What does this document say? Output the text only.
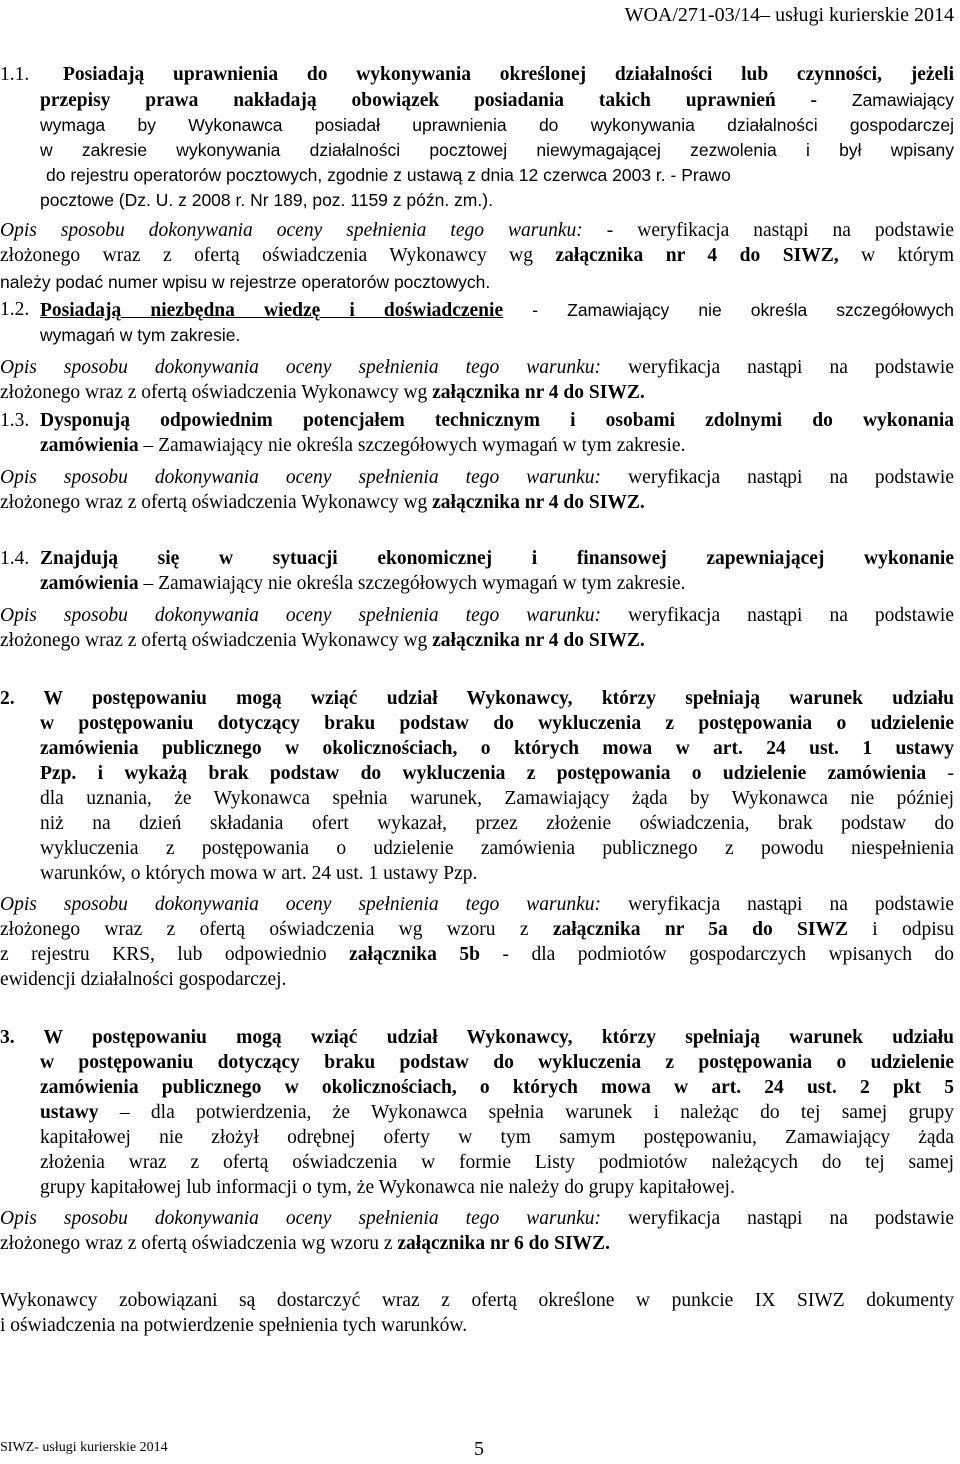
WOA/271-03/14– usługi kurierskie 2014
1.1. Posiadają uprawnienia do wykonywania określonej działalności lub czynności, jeżeli
przepisy prawa nakładają obowiązek posiadania takich uprawnień - Zamawiający
wymaga by Wykonawca posiadał uprawnienia do wykonywania działalności gospodarczej
w zakresie wykonywania działalności pocztowej niewymagającej zezwolenia i był wpisany
do rejestru operatorów pocztowych, zgodnie z ustawą z dnia 12 czerwca 2003 r. - Prawo
pocztowe (Dz. U. z 2008 r. Nr 189, poz. 1159 z późn. zm.).
Opis sposobu dokonywania oceny spełnienia tego warunku: - weryfikacja nastąpi na podstawie
złożonego wraz z ofertą oświadczenia Wykonawcy wg załącznika nr 4 do SIWZ, w którym
należy podać numer wpisu w rejestrze operatorów pocztowych.
1.2. Posiadają niezbędna wiedzę i doświadczenie - Zamawiający nie określa szczegółowych
wymagań w tym zakresie.
Opis sposobu dokonywania oceny spełnienia tego warunku: weryfikacja nastąpi na podstawie
złożonego wraz z ofertą oświadczenia Wykonawcy wg załącznika nr 4 do SIWZ.
1.3. Dysponują odpowiednim potencjałem technicznym i osobami zdolnymi do wykonania
zamówienia – Zamawiający nie określa szczegółowych wymagań w tym zakresie.
Opis sposobu dokonywania oceny spełnienia tego warunku: weryfikacja nastąpi na podstawie
złożonego wraz z ofertą oświadczenia Wykonawcy wg załącznika nr 4 do SIWZ.
1.4. Znajdują się w sytuacji ekonomicznej i finansowej zapewniającej wykonanie
zamówienia – Zamawiający nie określa szczegółowych wymagań w tym zakresie.
Opis sposobu dokonywania oceny spełnienia tego warunku: weryfikacja nastąpi na podstawie
złożonego wraz z ofertą oświadczenia Wykonawcy wg załącznika nr 4 do SIWZ.
2. W postępowaniu mogą wziąć udział Wykonawcy, którzy spełniają warunek udziału
w postępowaniu dotyczący braku podstaw do wykluczenia z postępowania o udzielenie
zamówienia publicznego w okolicznościach, o których mowa w art. 24 ust. 1 ustawy
Pzp. i wykażą brak podstaw do wykluczenia z postępowania o udzielenie zamówienia -
dla uznania, że Wykonawca spełnia warunek, Zamawiający żąda by Wykonawca nie później
niż na dzień składania ofert wykazał, przez złożenie oświadczenia, brak podstaw do
wykluczenia z postępowania o udzielenie zamówienia publicznego z powodu niespełnienia
warunków, o których mowa w art. 24 ust. 1 ustawy Pzp.
Opis sposobu dokonywania oceny spełnienia tego warunku: weryfikacja nastąpi na podstawie
złożonego wraz z ofertą oświadczenia wg wzoru z załącznika nr 5a do SIWZ i odpisu
z rejestru KRS, lub odpowiednio załącznika 5b - dla podmiotów gospodarczych wpisanych do
ewidencji działalności gospodarczej.
3. W postępowaniu mogą wziąć udział Wykonawcy, którzy spełniają warunek udziału
w postępowaniu dotyczący braku podstaw do wykluczenia z postępowania o udzielenie
zamówienia publicznego w okolicznościach, o których mowa w art. 24 ust. 2 pkt 5
ustawy – dla potwierdzenia, że Wykonawca spełnia warunek i należąc do tej samej grupy
kapitałowej nie złożył odrębnej oferty w tym samym postępowaniu, Zamawiający żąda
złożenia wraz z ofertą oświadczenia w formie Listy podmiotów należących do tej samej
grupy kapitałowej lub informacji o tym, że Wykonawca nie należy do grupy kapitałowej.
Opis sposobu dokonywania oceny spełnienia tego warunku: weryfikacja nastąpi na podstawie
złożonego wraz z ofertą oświadczenia wg wzoru z załącznika nr 6 do SIWZ.
Wykonawcy zobowiązani są dostarczyć wraz z ofertą określone w punkcie IX SIWZ dokumenty
i oświadczenia na potwierdzenie spełnienia tych warunków.
SIWZ- usługi kurierskie 2014	5
